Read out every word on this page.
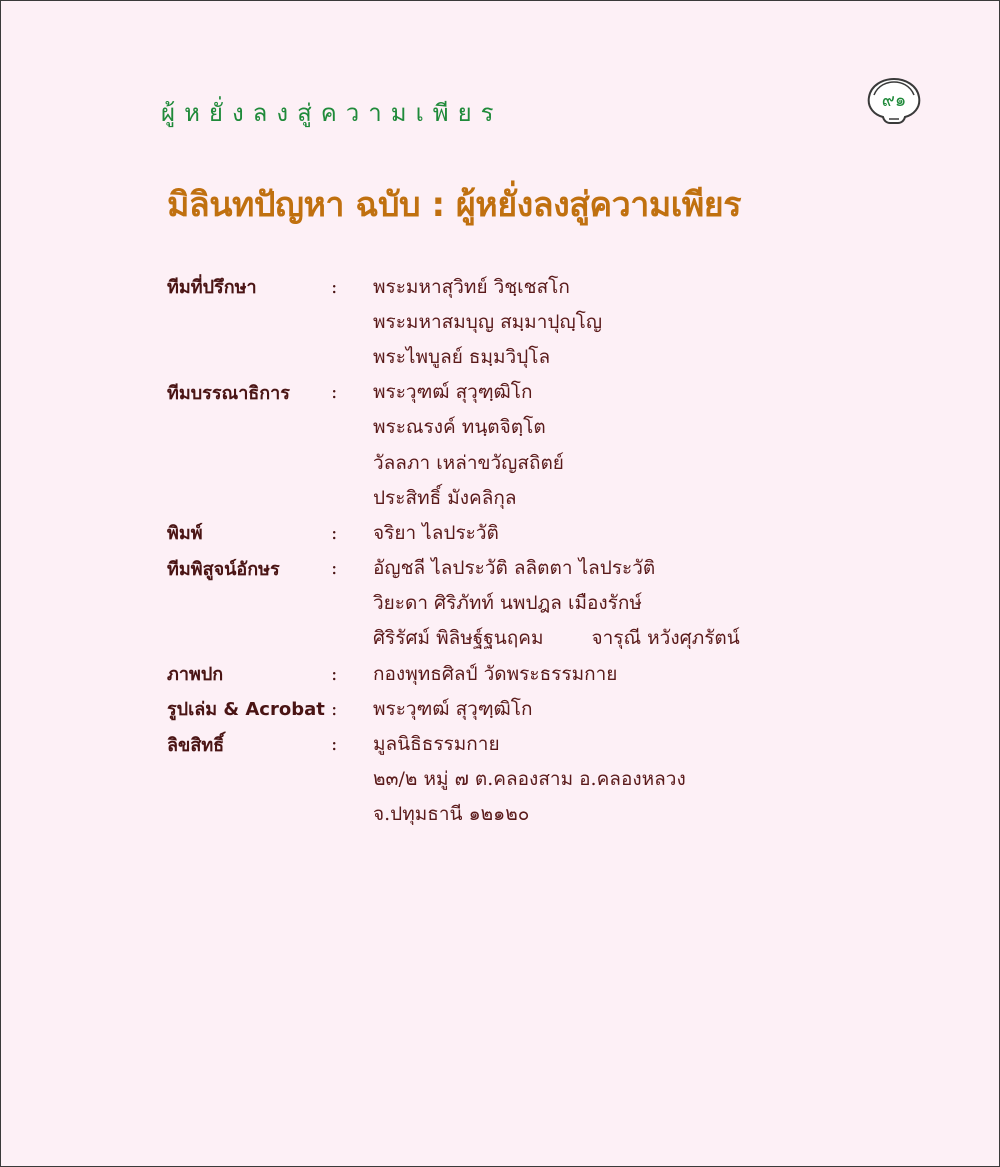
ผู้หยั่งลงสู่ความเพียร	๙๑
มิลินทปัญหา ฉบับ : ผู้หยั่งลงสู่ความเพียร
ทีมที่ปรึกษา	:	พระมหาสุวิทย์ วิชฺเชสโก
พระมหาสมบุญ สมฺมาปุญฺโญ
พระไพบูลย์ ธมฺมวิปุโล
ทีมบรรณาธิการ	:	พระวุฑฒ์ สุวุฑฺฒิโก
พระณรงค์ ทนฺตจิตฺโต
วัลลภา เหล่าขวัญสถิตย์
ประสิทธิ์ มังคลิกุล
พิมพ์	:	จริยา ไลประวัติ
ทีมพิสูจน์อักษร	:	อัญชลี ไลประวัติ ลลิตตา ไลประวัติ
วิยะดา ศิริภัทท์ นพปฎล เมืองรักษ์
ศิริรัศม์ พิลิษฐ์ฐนฤคม	จารุณี หวังศุภรัตน์
ภาพปก	:	กองพุทธศิลป์ วัดพระธรรมกาย
รูปเล่ม & Acrobat :	พระวุฑฒ์ สุวุฑฺฒิโก
ลิขสิทธิ์	:	มูลนิธิธรรมกาย
๒๓/๒ หมู่ ๗ ต.คลองสาม อ.คลองหลวง
จ.ปทุมธานี ๑๒๑๒๐
